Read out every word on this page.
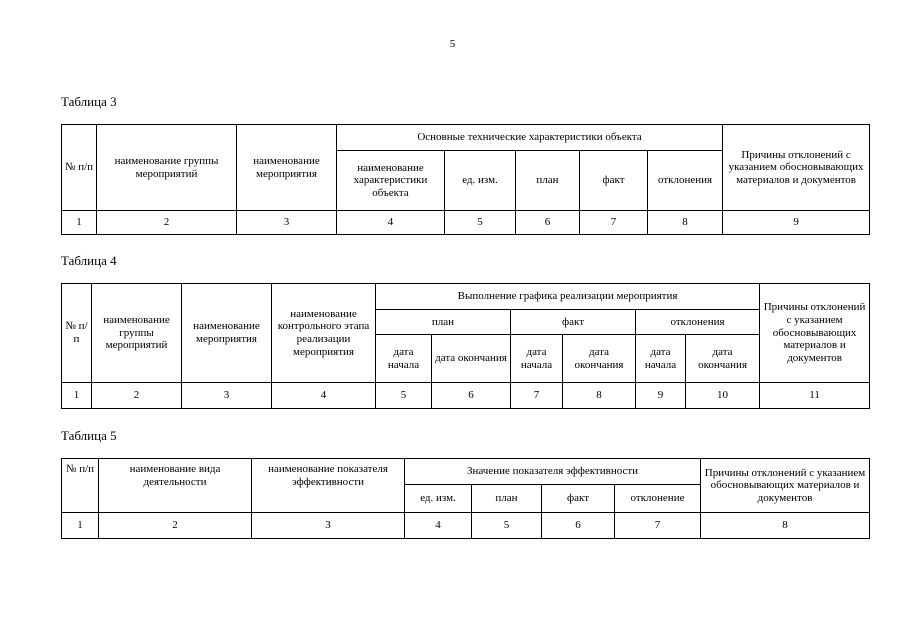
5
Таблица 3
№ п/п	наименование группы мероприятий	наименование мероприятия	Основные технические характеристики объекта					Причины отклонений с указанием обосновывающих материалов и документов
			наименование характеристики объекта	ед. изм.	план	факт	отклонения	
1	2	3	4	5	6	7	8	9
Таблица 4
№ п/п	наименование группы мероприятий	наименование мероприятия	наименование контрольного этапа реализации мероприятия	Выполнение графика реализации мероприятия						Причины отклонений с указанием обосновывающих материалов и документов
				план		факт		отклонения		
				дата начала	дата окончания	дата начала	дата окончания	дата начала	дата окончания	
1	2	3	4	5	6	7	8	9	10	11
Таблица 5
№ п/п	наименование вида деятельности	наименование показателя эффективности	Значение показателя эффективности				Причины отклонений с указанием обосновывающих материалов и документов
			ед. изм.	план	факт	отклонение	
1	2	3	4	5	6	7	8
